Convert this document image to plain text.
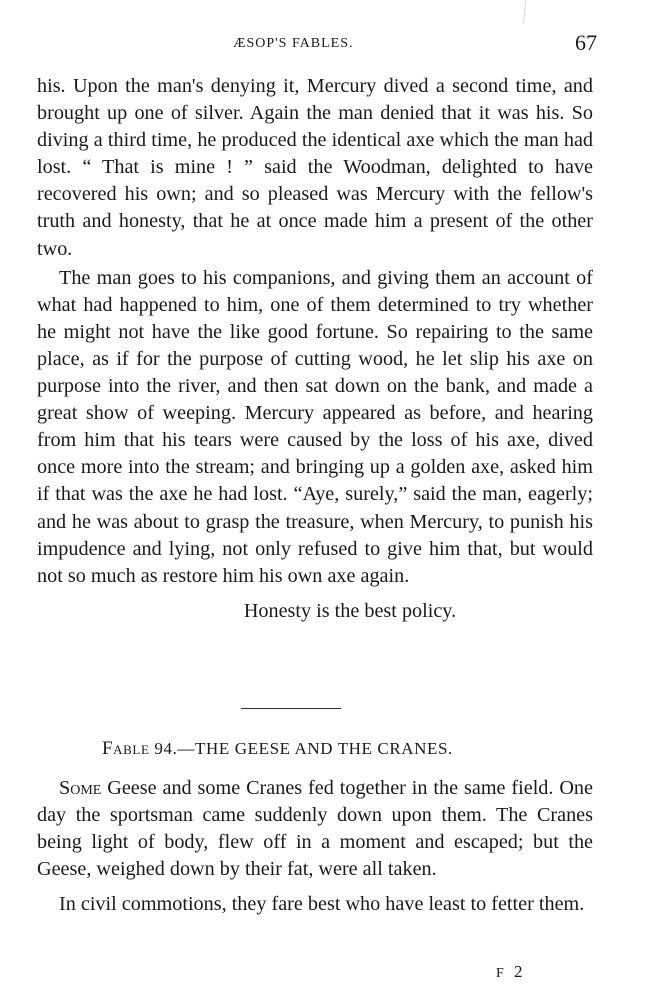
ÆSOP'S FABLES.	67

his. Upon the man's denying it, Mercury dived a second time, and brought up one of silver. Again the man denied that it was his. So diving a third time, he produced the identical axe which the man had lost. “ That is mine ! ” said the Woodman, delighted to have recovered his own; and so pleased was Mercury with the fellow's truth and honesty, that he at once made him a present of the other two.

The man goes to his companions, and giving them an account of what had happened to him, one of them determined to try whether he might not have the like good fortune. So repairing to the same place, as if for the purpose of cutting wood, he let slip his axe on purpose into the river, and then sat down on the bank, and made a great show of weeping. Mercury appeared as before, and hearing from him that his tears were caused by the loss of his axe, dived once more into the stream; and bringing up a golden axe, asked him if that was the axe he had lost. “Aye, surely,” said the man, eagerly; and he was about to grasp the treasure, when Mercury, to punish his impudence and lying, not only refused to give him that, but would not so much as restore him his own axe again.

Honesty is the best policy.

Fable 94.—THE GEESE AND THE CRANES.

Some Geese and some Cranes fed together in the same field. One day the sportsman came suddenly down upon them. The Cranes being light of body, flew off in a moment and escaped; but the Geese, weighed down by their fat, were all taken.

In civil commotions, they fare best who have least to fetter them.

F 2
